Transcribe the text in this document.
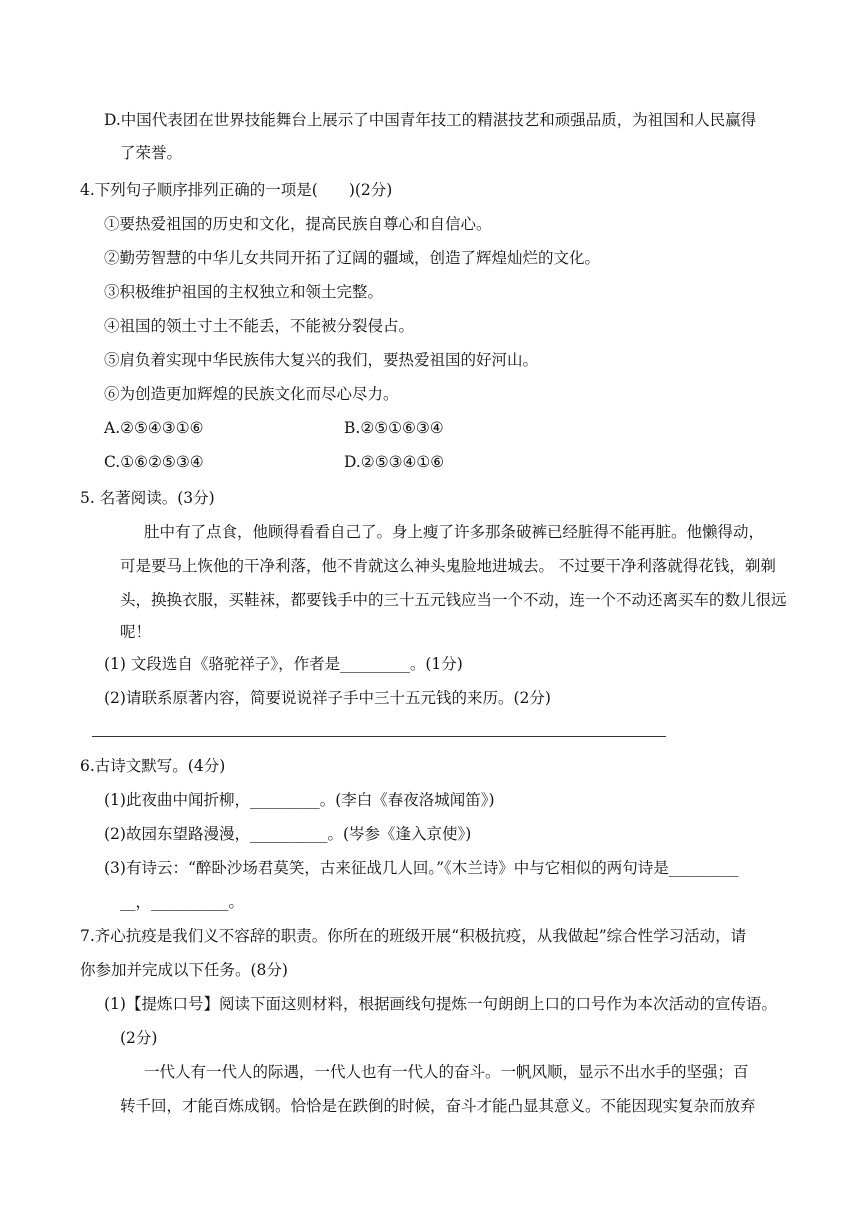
D.中国代表团在世界技能舞台上展示了中国青年技工的精湛技艺和顽强品质，为祖国和人民赢得
了荣誉。
4.下列句子顺序排列正确的一项是(　　)(2分)
①要热爱祖国的历史和文化，提高民族自尊心和自信心。
②勤劳智慧的中华儿女共同开拓了辽阔的疆域，创造了辉煌灿烂的文化。
③积极维护祖国的主权独立和领土完整。
④祖国的领土寸土不能丢，不能被分裂侵占。
⑤肩负着实现中华民族伟大复兴的我们，要热爱祖国的好河山。
⑥为创造更加辉煌的民族文化而尽心尽力。
A.②⑤④③①⑥	B.②⑤①⑥③④
C.①⑥②⑤③④	D.②⑤③④①⑥
5. 名著阅读。(3分)
肚中有了点食，他顾得看看自己了。身上瘦了许多那条破裤已经脏得不能再脏。他懒得动，
可是要马上恢他的干净利落，他不肯就这么神头鬼脸地进城去。 不过要干净利落就得花钱，剃剃
头，换换衣服，买鞋袜，都要钱手中的三十五元钱应当一个不动，连一个不动还离买车的数儿很远
呢！
(1) 文段选自《骆驼祥子》，作者是_________。(1分)
(2)请联系原著内容，简要说说祥子手中三十五元钱的来历。(2分)
6.古诗文默写。(4分)
(1)此夜曲中闻折柳，_________。(李白《春夜洛城闻笛》)
(2)故园东望路漫漫，__________。(岑参《逢入京使》)
(3)有诗云：“醉卧沙场君莫笑，古来征战几人回。”《木兰诗》中与它相似的两句诗是_________
__，__________。
7.齐心抗疫是我们义不容辞的职责。你所在的班级开展“积极抗疫，从我做起”综合性学习活动，请
你参加并完成以下任务。(8分)
(1)【提炼口号】阅读下面这则材料，根据画线句提炼一句朗朗上口的口号作为本次活动的宣传语。
(2分)
一代人有一代人的际遇，一代人也有一代人的奋斗。一帆风顺，显示不出水手的坚强；百
转千回，才能百炼成钢。恰恰是在跌倒的时候，奋斗才能凸显其意义。不能因现实复杂而放弃
